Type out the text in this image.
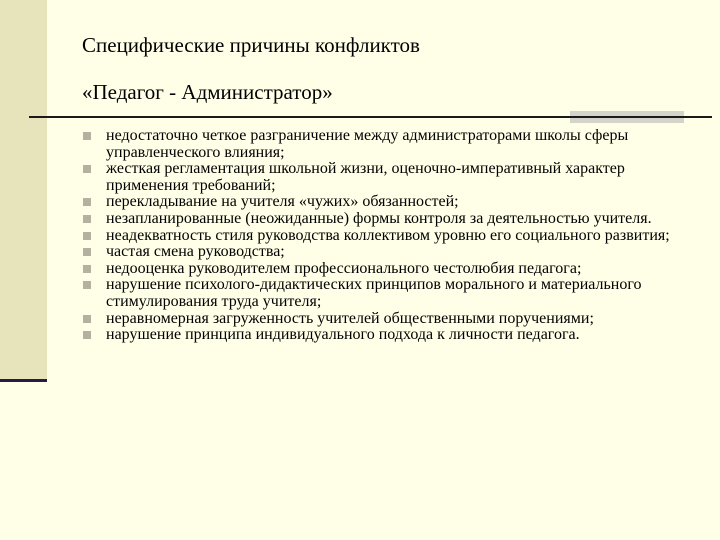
Специфические причины конфликтов
«Педагог - Администратор»
недостаточно четкое разграничение между администраторами школы сферы управленческого влияния;
жесткая регламентация школьной жизни, оценочно-императивный характер применения требований;
перекладывание на учителя «чужих» обязанностей;
незапланированные (неожиданные) формы контроля за деятельностью учителя.
неадекватность стиля руководства коллективом уровню его социального развития;
частая смена руководства;
недооценка руководителем профессионального честолюбия педагога;
нарушение психолого-дидактических принципов морального и материального стимулирования труда учителя;
неравномерная загруженность учителей общественными поручениями;
нарушение принципа индивидуального подхода к личности педагога.
